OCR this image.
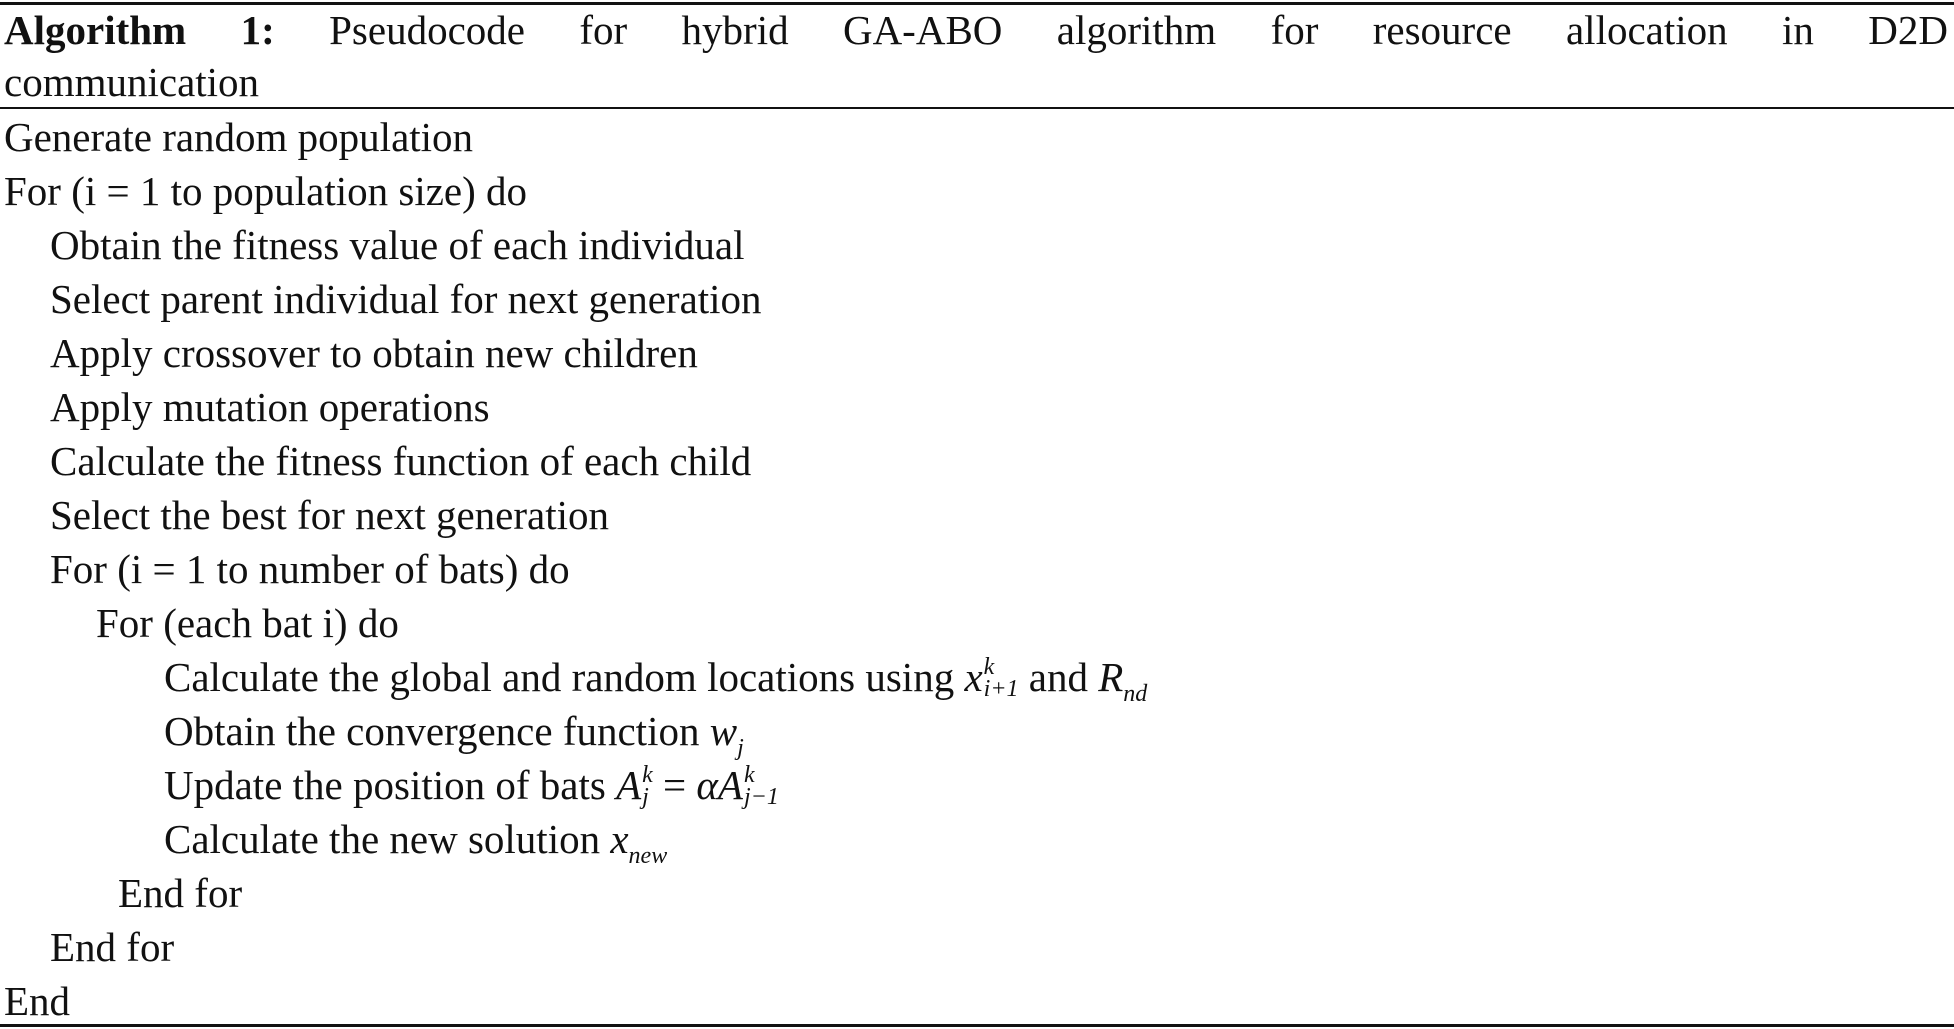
Algorithm 1: Pseudocode for hybrid GA-ABO algorithm for resource allocation in D2D
communication
Generate random population
For (i = 1 to population size) do
Obtain the fitness value of each individual
Select parent individual for next generation
Apply crossover to obtain new children
Apply mutation operations
Calculate the fitness function of each child
Select the best for next generation
For (i = 1 to number of bats) do
For (each bat i) do
Calculate the global and random locations using x k
i+1 and $R_{nd}$
Obtain the convergence function $w_j$
Update the position of bats A k
j = αA k
j−1
Calculate the new solution $x_{new}$
End for
End for
End
